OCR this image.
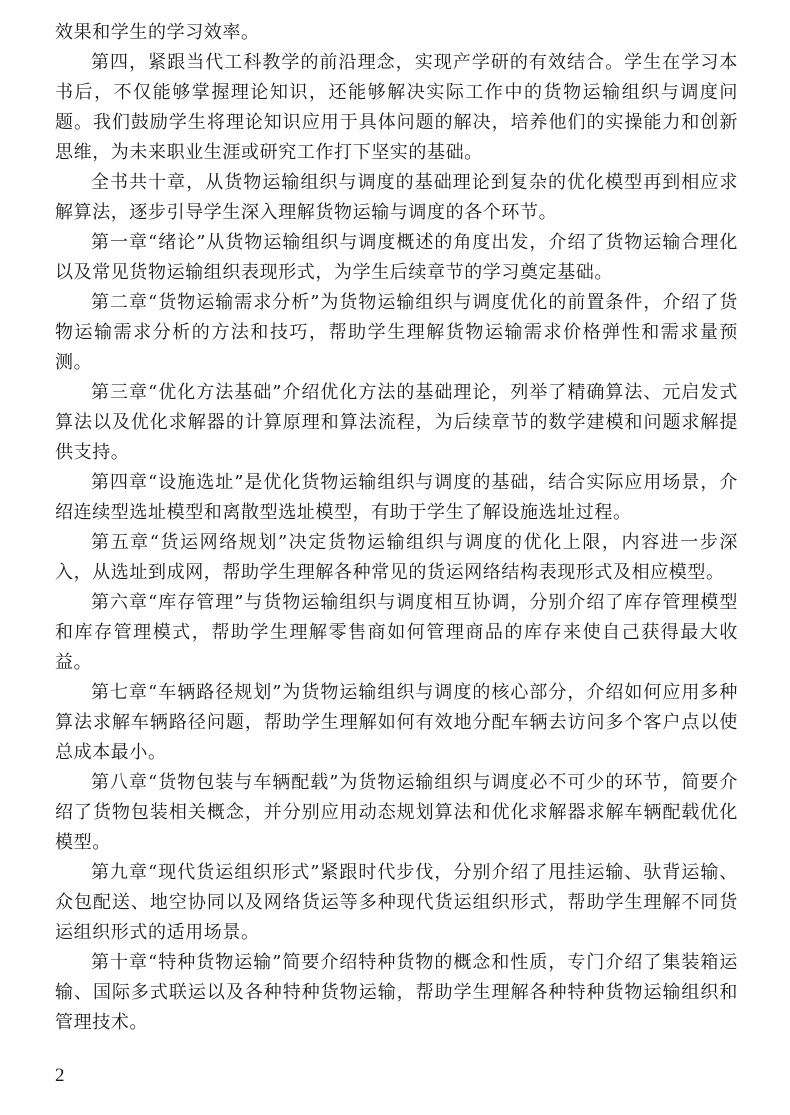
效果和学生的学习效率。

第四，紧跟当代工科教学的前沿理念，实现产学研的有效结合。学生在学习本书后，不仅能够掌握理论知识，还能够解决实际工作中的货物运输组织与调度问题。我们鼓励学生将理论知识应用于具体问题的解决，培养他们的实操能力和创新思维，为未来职业生涯或研究工作打下坚实的基础。

全书共十章，从货物运输组织与调度的基础理论到复杂的优化模型再到相应求解算法，逐步引导学生深入理解货物运输与调度的各个环节。

第一章“绪论”从货物运输组织与调度概述的角度出发，介绍了货物运输合理化以及常见货物运输组织表现形式，为学生后续章节的学习奠定基础。

第二章“货物运输需求分析”为货物运输组织与调度优化的前置条件，介绍了货物运输需求分析的方法和技巧，帮助学生理解货物运输需求价格弹性和需求量预测。

第三章“优化方法基础”介绍优化方法的基础理论，列举了精确算法、元启发式算法以及优化求解器的计算原理和算法流程，为后续章节的数学建模和问题求解提供支持。

第四章“设施选址”是优化货物运输组织与调度的基础，结合实际应用场景，介绍连续型选址模型和离散型选址模型，有助于学生了解设施选址过程。

第五章“货运网络规划”决定货物运输组织与调度的优化上限，内容进一步深入，从选址到成网，帮助学生理解各种常见的货运网络结构表现形式及相应模型。

第六章“库存管理”与货物运输组织与调度相互协调，分别介绍了库存管理模型和库存管理模式，帮助学生理解零售商如何管理商品的库存来使自己获得最大收益。

第七章“车辆路径规划”为货物运输组织与调度的核心部分，介绍如何应用多种算法求解车辆路径问题，帮助学生理解如何有效地分配车辆去访问多个客户点以使总成本最小。

第八章“货物包装与车辆配载”为货物运输组织与调度必不可少的环节，简要介绍了货物包装相关概念，并分别应用动态规划算法和优化求解器求解车辆配载优化模型。

第九章“现代货运组织形式”紧跟时代步伐，分别介绍了甩挂运输、驮背运输、众包配送、地空协同以及网络货运等多种现代货运组织形式，帮助学生理解不同货运组织形式的适用场景。

第十章“特种货物运输”简要介绍特种货物的概念和性质，专门介绍了集装箱运输、国际多式联运以及各种特种货物运输，帮助学生理解各种特种货物运输组织和管理技术。

2
